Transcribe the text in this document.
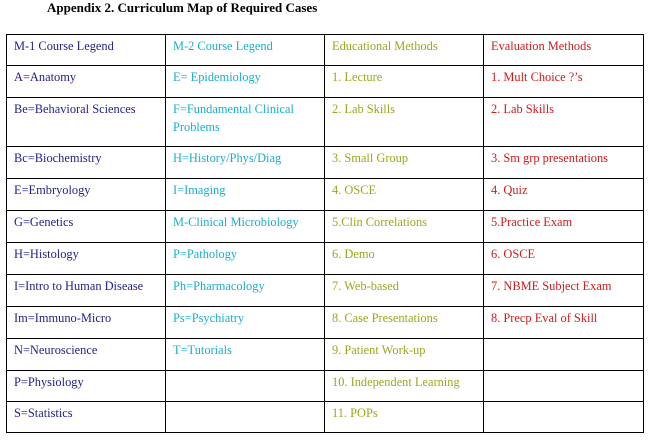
Appendix 2. Curriculum Map of Required Cases
M-1 Course Legend	M-2 Course Legend	Educational Methods	Evaluation Methods
A=Anatomy	E= Epidemiology	1. Lecture	1. Mult Choice ?’s
Be=Behavioral Sciences	F=Fundamental Clinical Problems	2. Lab Skills	2. Lab Skills
Bc=Biochemistry	H=History/Phys/Diag	3. Small Group	3. Sm grp presentations
E=Embryology	I=Imaging	4. OSCE	4. Quiz
G=Genetics	M-Clinical Microbiology	5.Clin Correlations	5.Practice Exam
H=Histology	P=Pathology	6. Demo	6. OSCE
I=Intro to Human Disease	Ph=Pharmacology	7. Web-based	7. NBME Subject Exam
Im=Immuno-Micro	Ps=Psychiatry	8. Case Presentations	8. Precp Eval of Skill
N=Neuroscience	T=Tutorials	9. Patient Work-up	
P=Physiology		10. Independent Learning	
S=Statistics		11. POPs	
